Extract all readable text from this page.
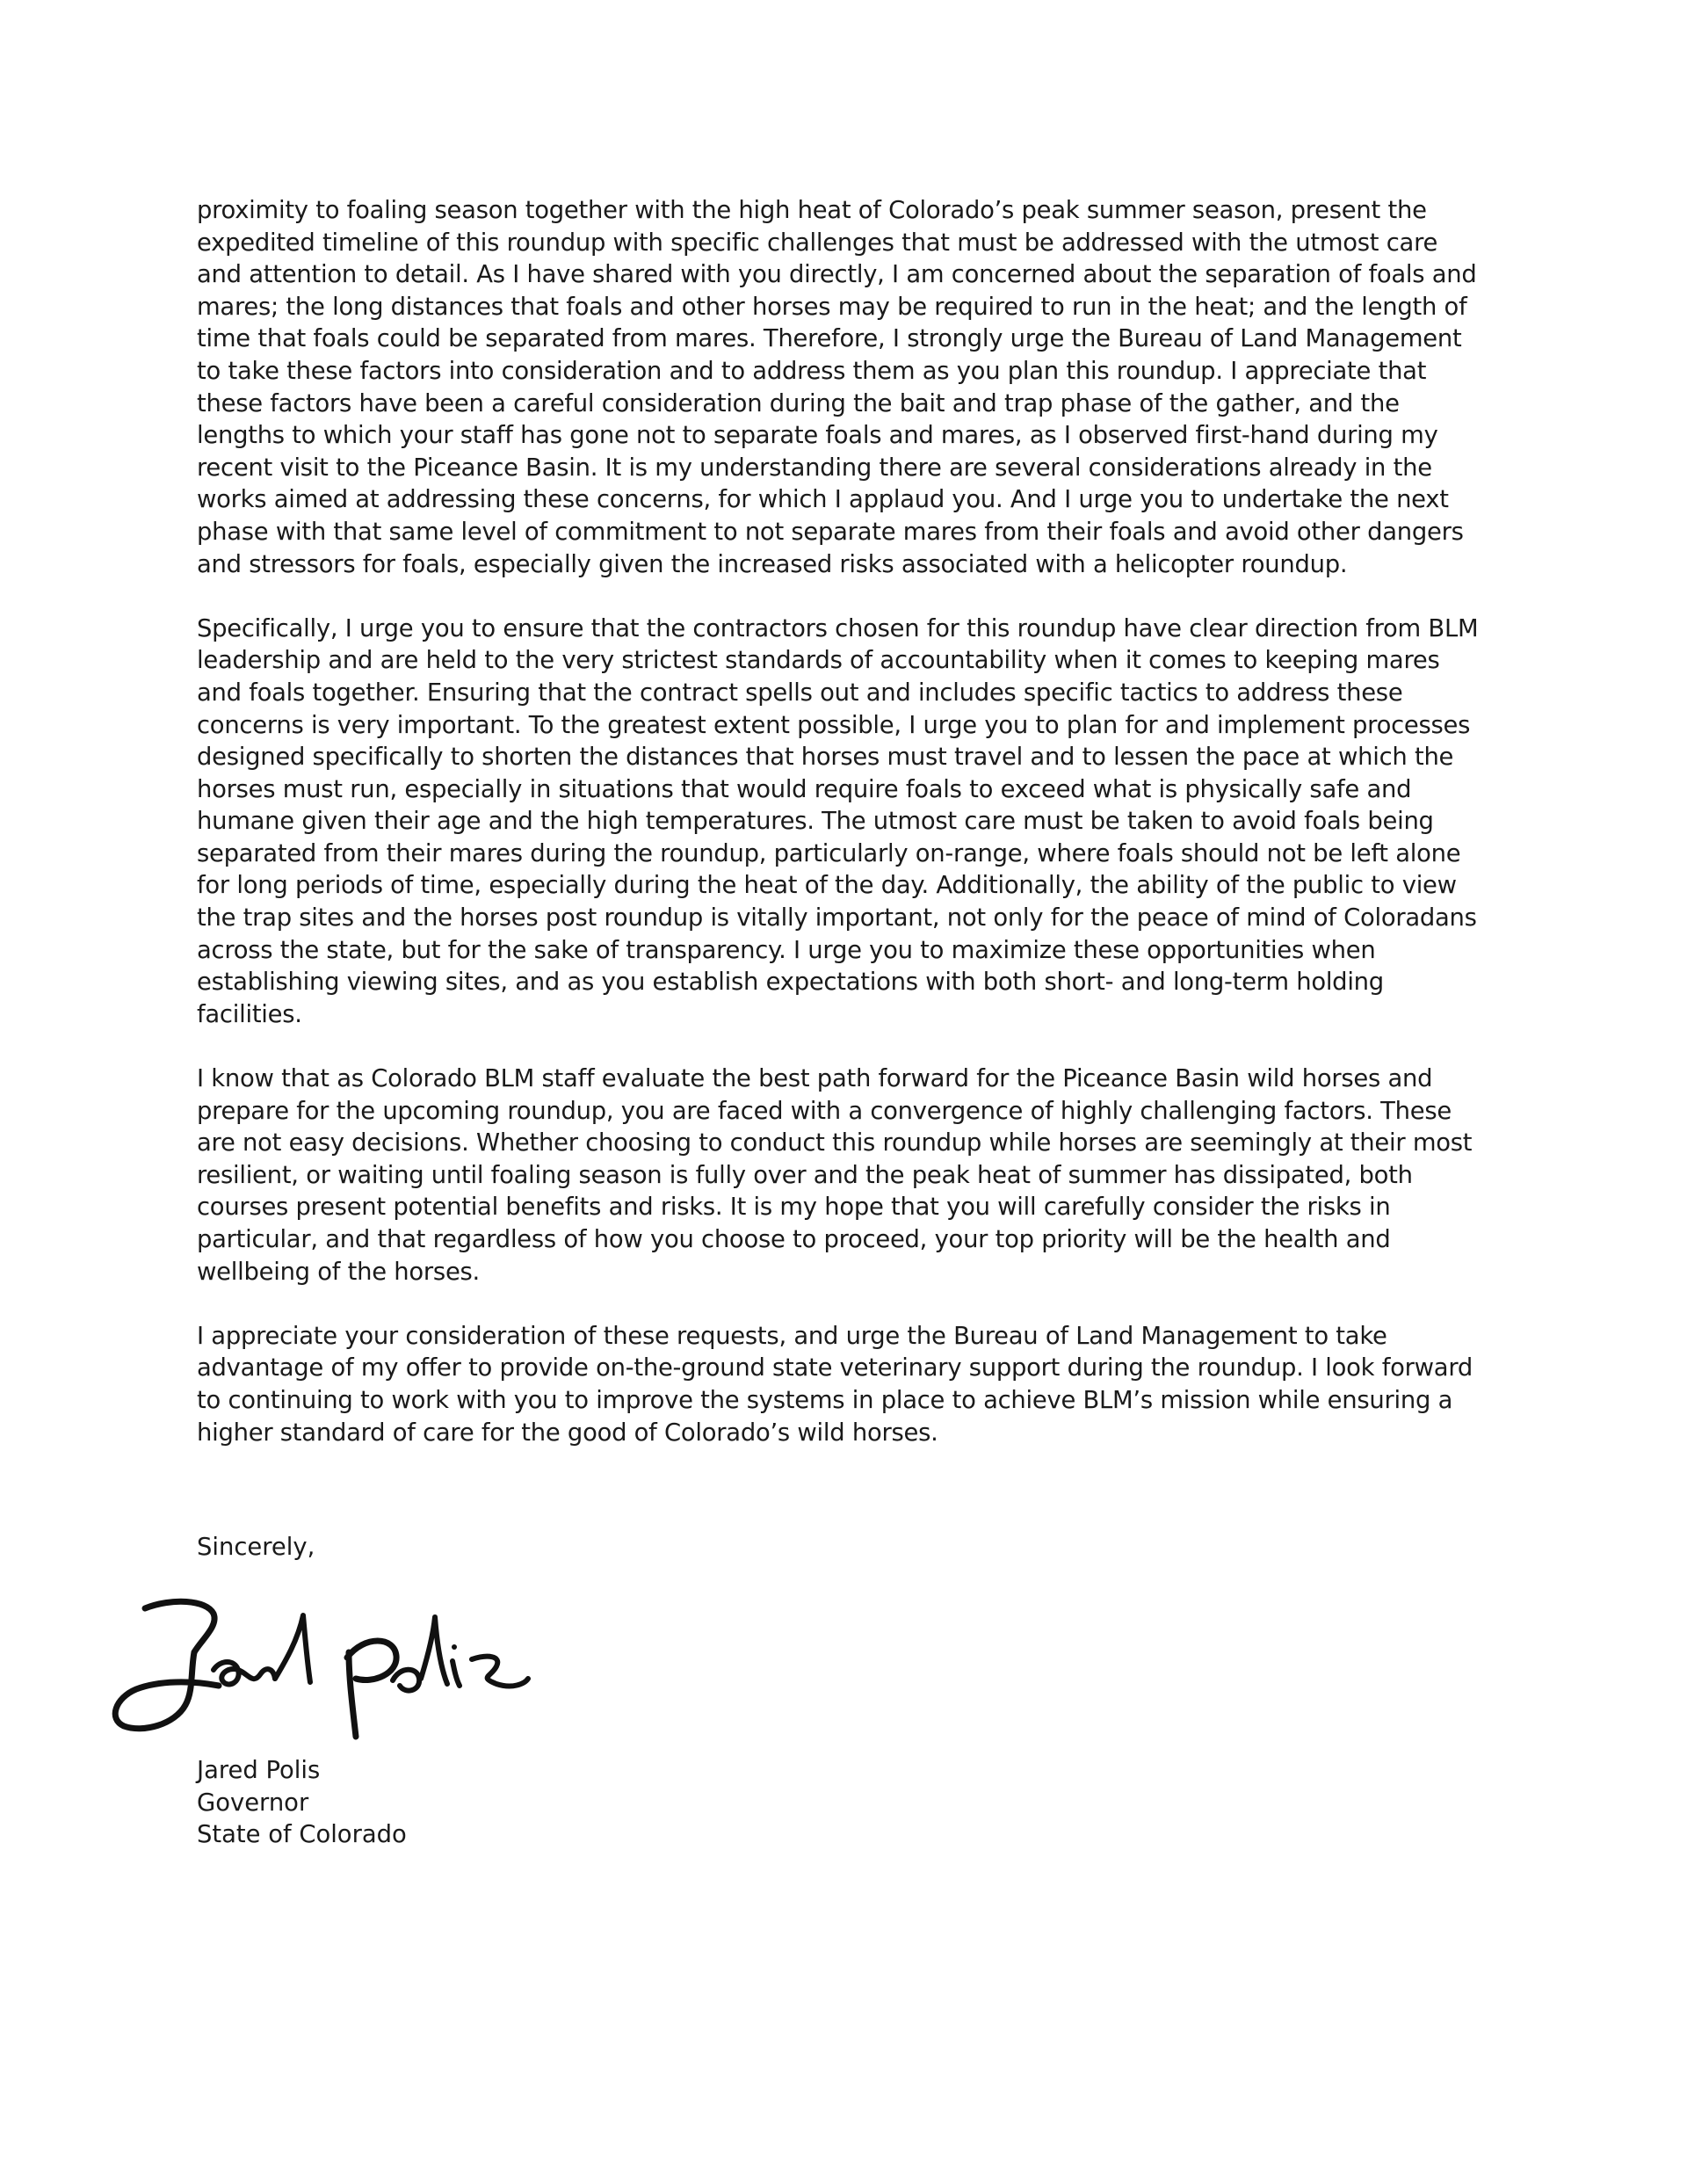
proximity to foaling season together with the high heat of Colorado’s peak summer season, present the expedited timeline of this roundup with specific challenges that must be addressed with the utmost care and attention to detail. As I have shared with you directly, I am concerned about the separation of foals and mares; the long distances that foals and other horses may be required to run in the heat; and the length of time that foals could be separated from mares. Therefore, I strongly urge the Bureau of Land Management to take these factors into consideration and to address them as you plan this roundup. I appreciate that these factors have been a careful consideration during the bait and trap phase of the gather, and the lengths to which your staff has gone not to separate foals and mares, as I observed first-hand during my recent visit to the Piceance Basin. It is my understanding there are several considerations already in the works aimed at addressing these concerns, for which I applaud you. And I urge you to undertake the next phase with that same level of commitment to not separate mares from their foals and avoid other dangers and stressors for foals, especially given the increased risks associated with a helicopter roundup.

Specifically, I urge you to ensure that the contractors chosen for this roundup have clear direction from BLM leadership and are held to the very strictest standards of accountability when it comes to keeping mares and foals together. Ensuring that the contract spells out and includes specific tactics to address these concerns is very important. To the greatest extent possible, I urge you to plan for and implement processes designed specifically to shorten the distances that horses must travel and to lessen the pace at which the horses must run, especially in situations that would require foals to exceed what is physically safe and humane given their age and the high temperatures. The utmost care must be taken to avoid foals being separated from their mares during the roundup, particularly on-range, where foals should not be left alone for long periods of time, especially during the heat of the day. Additionally, the ability of the public to view the trap sites and the horses post roundup is vitally important, not only for the peace of mind of Coloradans across the state, but for the sake of transparency. I urge you to maximize these opportunities when establishing viewing sites, and as you establish expectations with both short- and long-term holding facilities.

I know that as Colorado BLM staff evaluate the best path forward for the Piceance Basin wild horses and prepare for the upcoming roundup, you are faced with a convergence of highly challenging factors. These are not easy decisions. Whether choosing to conduct this roundup while horses are seemingly at their most resilient, or waiting until foaling season is fully over and the peak heat of summer has dissipated, both courses present potential benefits and risks. It is my hope that you will carefully consider the risks in particular, and that regardless of how you choose to proceed, your top priority will be the health and wellbeing of the horses.

I appreciate your consideration of these requests, and urge the Bureau of Land Management to take advantage of my offer to provide on-the-ground state veterinary support during the roundup. I look forward to continuing to work with you to improve the systems in place to achieve BLM’s mission while ensuring a higher standard of care for the good of Colorado’s wild horses.

Sincerely,
Jared Polis
Governor
State of Colorado
